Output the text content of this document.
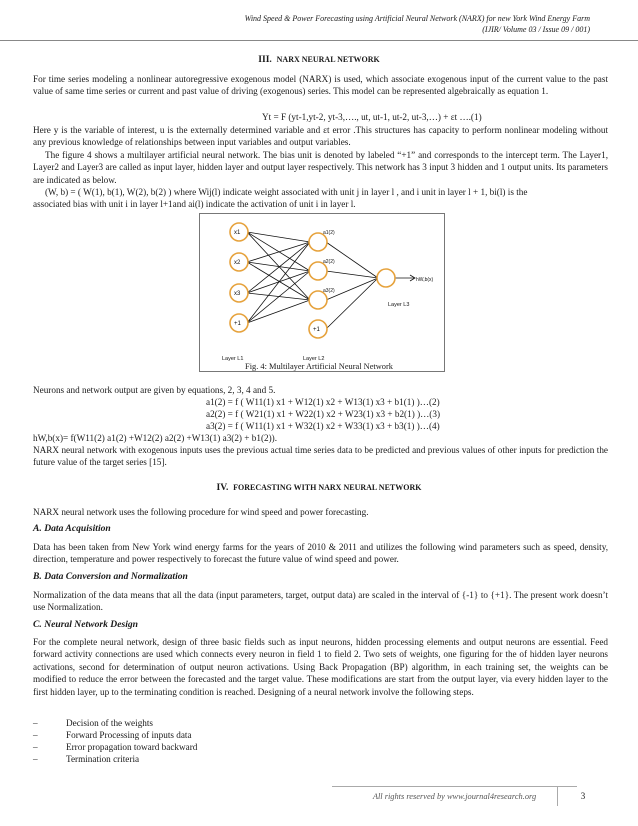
Wind Speed & Power Forecasting using Artificial Neural Network (NARX) for new York Wind Energy Farm
(IJIR/ Volume 03 / Issue 09 / 001)
III. NARX NEURAL NETWORK

For time series modeling a nonlinear autoregressive exogenous model (NARX) is used, which associate exogenous input of the current value to the past value of same time series or current and past value of driving (exogenous) series. This model can be represented algebraically as equation 1.

Yt = F (yt-1,yt-2, yt-3,…., ut, ut-1, ut-2, ut-3,…) + εt ….(1)

Here y is the variable of interest, u is the externally determined variable and εt error .This structures has capacity to perform nonlinear modeling without any previous knowledge of relationships between input variables and output variables.

The figure 4 shows a multilayer artificial neural network. The bias unit is denoted by labeled “+1” and corresponds to the intercept term. The Layer1, Layer2 and Layer3 are called as input layer, hidden layer and output layer respectively. This network has 3 input 3 hidden and 1 output units. Its parameters are indicated as below.

(W, b) = ( W(1), b(1), W(2), b(2) ) where Wij(l) indicate weight associated with unit j in layer l , and i unit in layer l + 1, bi(l) is the
associated bias with unit i in layer l+1and ai(l) indicate the activation of unit i in layer l.

x1
x2
x3
+1
a1(2)
a2(2)
a3(2)
+1
hW,b(x)
Layer L3
Layer L1	Layer L2
Fig. 4: Multilayer Artificial Neural Network

Neurons and network output are given by equations, 2, 3, 4 and 5.

a1(2) = f ( W11(1) x1 + W12(1) x2 + W13(1) x3 + b1(1) )…(2)
a2(2) = f ( W21(1) x1 + W22(1) x2 + W23(1) x3 + b2(1) )…(3)
a3(2) = f ( W11(1) x1 + W32(1) x2 + W33(1) x3 + b3(1) )…(4)
hW,b(x)= f(W11(2) a1(2) +W12(2) a2(2) +W13(1) a3(2) + b1(2)).

NARX neural network with exogenous inputs uses the previous actual time series data to be predicted and previous values of other inputs for prediction the future value of the target series [15].

IV. FORECASTING WITH NARX NEURAL NETWORK

NARX neural network uses the following procedure for wind speed and power forecasting.

A. Data Acquisition

Data has been taken from New York wind energy farms for the years of 2010 & 2011 and utilizes the following wind parameters such as speed, density, direction, temperature and power respectively to forecast the future value of wind speed and power.

B. Data Conversion and Normalization

Normalization of the data means that all the data (input parameters, target, output data) are scaled in the interval of {-1} to {+1}. The present work doesn’t use Normalization.

C. Neural Network Design

For the complete neural network, design of three basic fields such as input neurons, hidden processing elements and output neurons are essential. Feed forward activity connections are used which connects every neuron in field 1 to field 2. Two sets of weights, one figuring for the of hidden layer neurons activations, second for determination of output neuron activations. Using Back Propagation (BP) algorithm, in each training set, the weights can be modified to reduce the error between the forecasted and the target value. These modifications are start from the output layer, via every hidden layer to the first hidden layer, up to the terminating condition is reached. Designing of a neural network involve the following steps.

–	Decision of the weights
–	Forward Processing of inputs data
–	Error propagation toward backward
–	Termination criteria
All rights reserved by www.journal4research.org	3
